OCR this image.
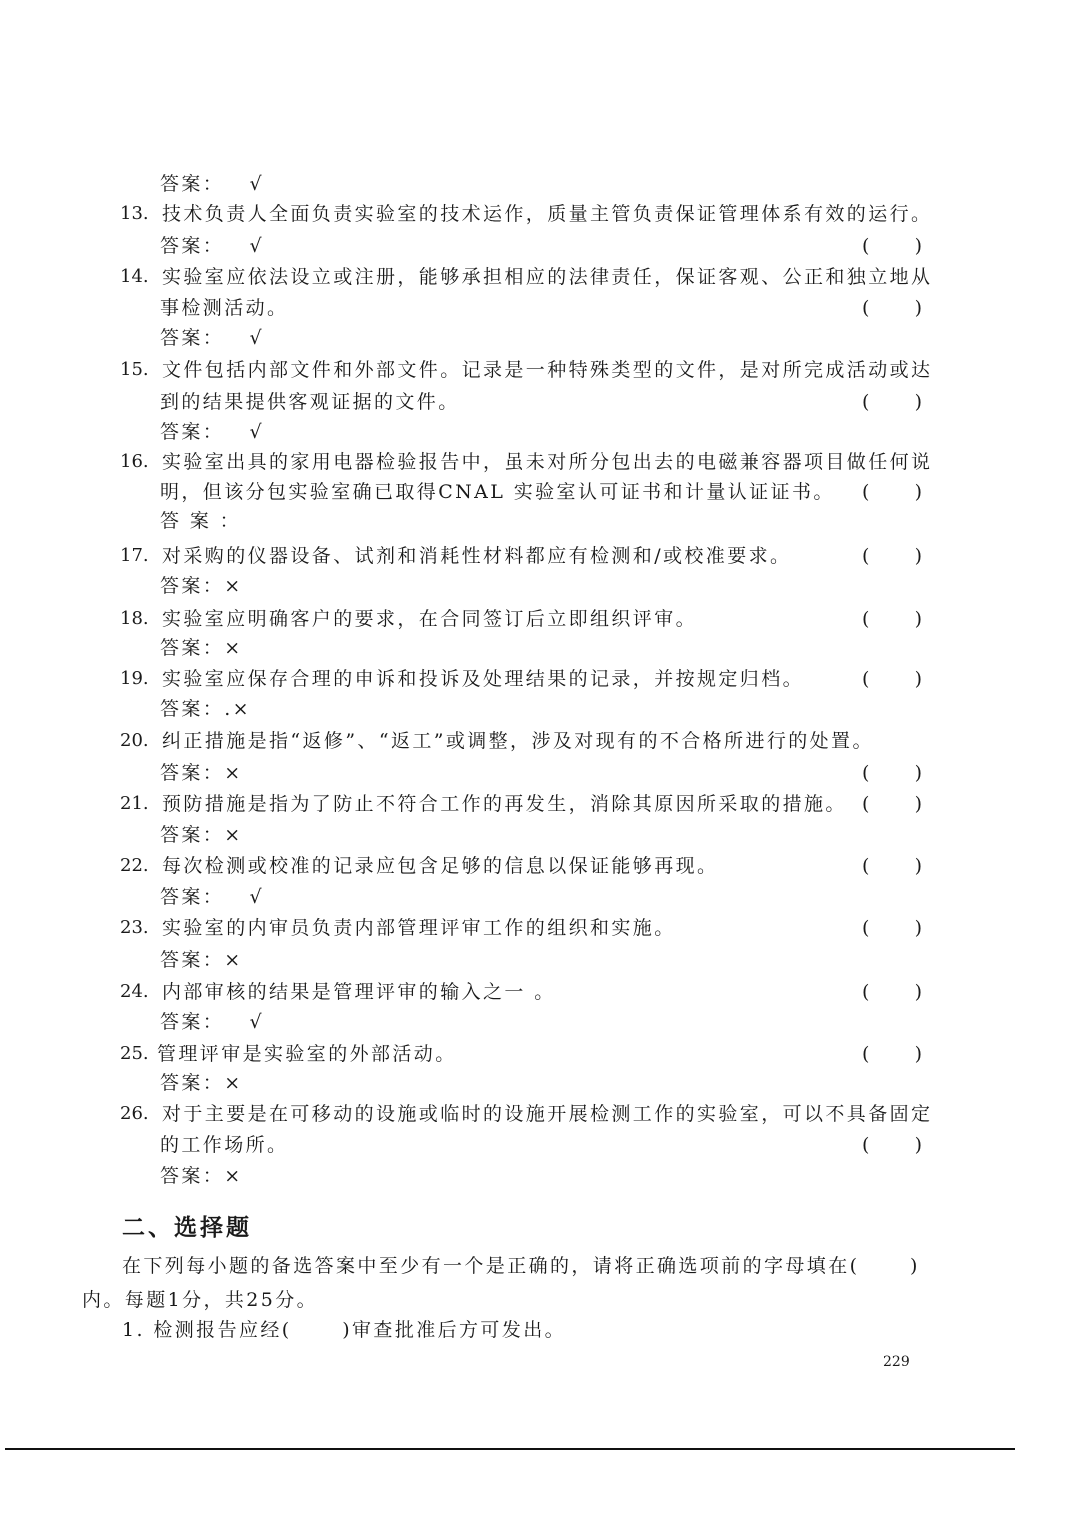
答案：   √
13. 技术负责人全面负责实验室的技术运作，质量主管负责保证管理体系有效的运行。
答案：   √	( )
14. 实验室应依法设立或注册，能够承担相应的法律责任，保证客观、公正和独立地从
事检测活动。	( )
答案：   √
15. 文件包括内部文件和外部文件。记录是一种特殊类型的文件，是对所完成活动或达
到的结果提供客观证据的文件。	( )
答案：   √
16. 实验室出具的家用电器检验报告中，虽未对所分包出去的电磁兼容器项目做任何说
明，但该分包实验室确已取得CNAL 实验室认可证书和计量认证证书。 ( )
答 案 ：
17. 对采购的仪器设备、试剂和消耗性材料都应有检测和/或校准要求。	( )
答案：×
18. 实验室应明确客户的要求，在合同签订后立即组织评审。	( )
答案：×
19. 实验室应保存合理的申诉和投诉及处理结果的记录，并按规定归档。	( )
答案：.×
20. 纠正措施是指“返修”、“返工”或调整，涉及对现有的不合格所进行的处置。
答案：×	( )
21. 预防措施是指为了防止不符合工作的再发生，消除其原因所采取的措施。 ( )
答案：×
22. 每次检测或校准的记录应包含足够的信息以保证能够再现。	( )
答案：   √
23. 实验室的内审员负责内部管理评审工作的组织和实施。	( )
答案：×
24. 内部审核的结果是管理评审的输入之一 。	( )
答案：   √
25. 管理评审是实验室的外部活动。	( )
答案：×
26. 对于主要是在可移动的设施或临时的设施开展检测工作的实验室，可以不具备固定
的工作场所。	( )
答案：×
二、选择题
在下列每小题的备选答案中至少有一个是正确的，请将正确选项前的字母填在(      )
内。每题1分，共25分。
1. 检测报告应经(      )审查批准后方可发出。
229
